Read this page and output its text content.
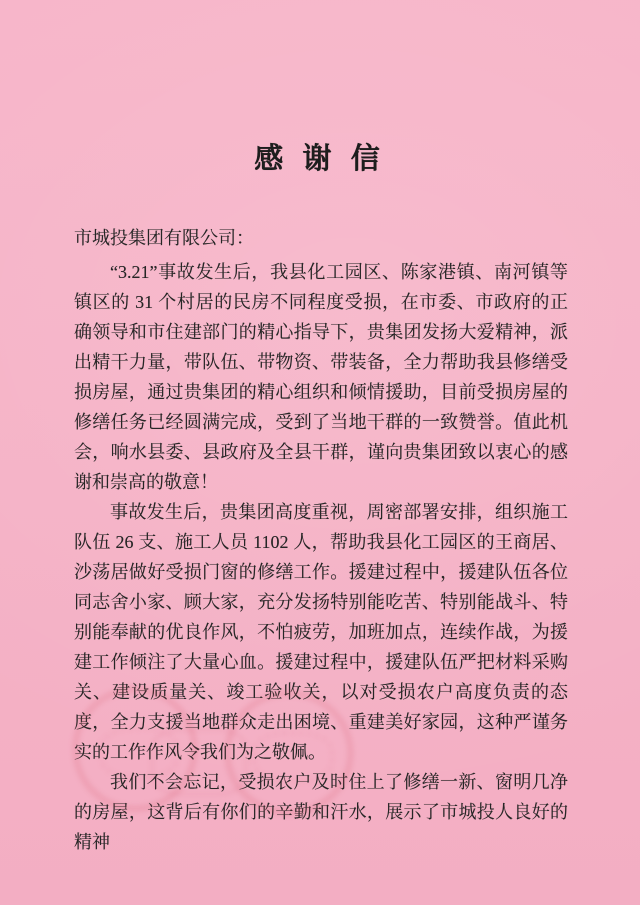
感 谢 信

市城投集团有限公司：

“3.21”事故发生后，我县化工园区、陈家港镇、南河镇等镇区的 31 个村居的民房不同程度受损，在市委、市政府的正确领导和市住建部门的精心指导下，贵集团发扬大爱精神，派出精干力量，带队伍、带物资、带装备，全力帮助我县修缮受损房屋，通过贵集团的精心组织和倾情援助，目前受损房屋的修缮任务已经圆满完成，受到了当地干群的一致赞誉。值此机会，响水县委、县政府及全县干群，谨向贵集团致以衷心的感谢和崇高的敬意！

事故发生后，贵集团高度重视，周密部署安排，组织施工队伍 26 支、施工人员 1102 人，帮助我县化工园区的王商居、沙荡居做好受损门窗的修缮工作。援建过程中，援建队伍各位同志舍小家、顾大家，充分发扬特别能吃苦、特别能战斗、特别能奉献的优良作风，不怕疲劳，加班加点，连续作战，为援建工作倾注了大量心血。援建过程中，援建队伍严把材料采购关、建设质量关、竣工验收关，以对受损农户高度负责的态度，全力支援当地群众走出困境、重建美好家园，这种严谨务实的工作作风令我们为之敬佩。

我们不会忘记，受损农户及时住上了修缮一新、窗明几净的房屋，这背后有你们的辛勤和汗水，展示了市城投人良好的精神
